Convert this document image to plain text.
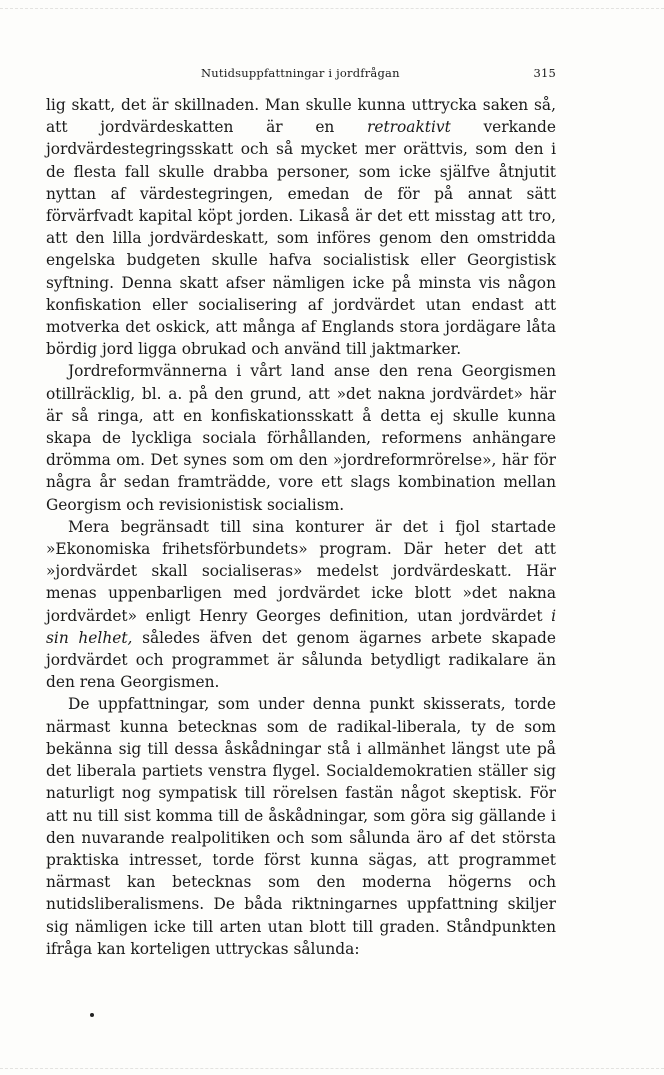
Nutidsuppfattningar i jordfrågan	315

lig skatt, det är skillnaden. Man skulle kunna uttrycka saken så, att jordvärdeskatten är en retroaktivt verkande jordvärdestegringsskatt och så mycket mer orättvis, som den i de flesta fall skulle drabba personer, som icke själfve åtnjutit nyttan af värdestegringen, emedan de för på annat sätt förvärfvadt kapital köpt jorden. Likaså är det ett misstag att tro, att den lilla jordvärdeskatt, som införes genom den omstridda engelska budgeten skulle hafva socialistisk eller Georgistisk syftning. Denna skatt afser nämligen icke på minsta vis någon konfiskation eller socialisering af jordvärdet utan endast att motverka det oskick, att många af Englands stora jordägare låta bördig jord ligga obrukad och använd till jaktmarker.

Jordreformvännerna i vårt land anse den rena Georgismen otillräcklig, bl. a. på den grund, att »det nakna jordvärdet» här är så ringa, att en konfiskationsskatt å detta ej skulle kunna skapa de lyckliga sociala förhållanden, reformens anhängare drömma om. Det synes som om den »jordreformrörelse», här för några år sedan framträdde, vore ett slags kombination mellan Georgism och revisionistisk socialism.

Mera begränsadt till sina konturer är det i fjol startade »Ekonomiska frihetsförbundets» program. Där heter det att »jordvärdet skall socialiseras» medelst jordvärdeskatt. Här menas uppenbarligen med jordvärdet icke blott »det nakna jordvärdet» enligt Henry Georges definition, utan jordvärdet i sin helhet, således äfven det genom ägarnes arbete skapade jordvärdet och programmet är sålunda betydligt radikalare än den rena Georgismen.

De uppfattningar, som under denna punkt skisserats, torde närmast kunna betecknas som de radikal-liberala, ty de som bekänna sig till dessa åskådningar stå i allmänhet längst ute på det liberala partiets venstra flygel. Socialdemokratien ställer sig naturligt nog sympatisk till rörelsen fastän något skeptisk. För att nu till sist komma till de åskådningar, som göra sig gällande i den nuvarande realpolitiken och som sålunda äro af det största praktiska intresset, torde först kunna sägas, att programmet närmast kan betecknas som den moderna högerns och nutidsliberalismens. De båda riktningarnes uppfattning skiljer sig nämligen icke till arten utan blott till graden. Ståndpunkten ifråga kan korteligen uttryckas sålunda:
